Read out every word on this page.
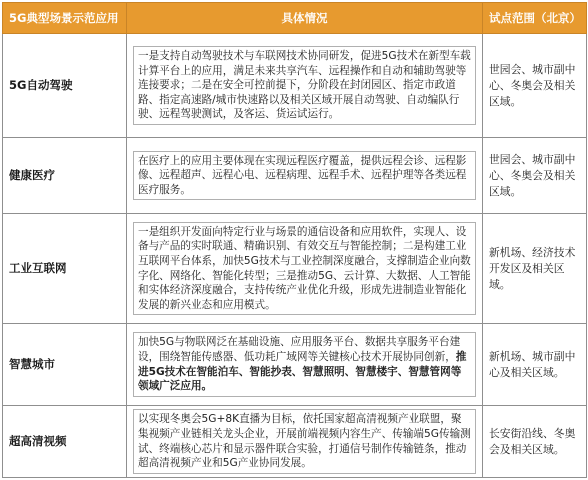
5G典型场景示范应用	具体情况	试点范围（北京）
5G自动驾驶	一是支持自动驾驶技术与车联网技术协同研发，促进5G技术在新型车载计算平台上的应用，满足未来共享汽车、远程操作和自动和辅助驾驶等连接要求；二是在安全可控前提下，分阶段在封闭园区、指定市政道路、指定高速路/城市快速路以及相关区域开展自动驾驶、自动编队行驶、远程驾驶测试，及客运、货运试运行。	世园会、城市副中心、冬奥会及相关区域。
健康医疗	在医疗上的应用主要体现在实现远程医疗覆盖，提供远程会诊、远程影像、远程超声、远程心电、远程病理、远程手术、远程护理等各类远程医疗服务。	世园会、城市副中心、冬奥会及相关区域。
工业互联网	一是组织开发面向特定行业与场景的通信设备和应用软件，实现人、设备与产品的实时联通、精确识别、有效交互与智能控制；二是构建工业互联网平台体系，加快5G技术与工业控制深度融合，支撑制造企业向数字化、网络化、智能化转型；三是推动5G、云计算、大数据、人工智能和实体经济深度融合，支持传统产业优化升级，形成先进制造业智能化发展的新兴业态和应用模式。	新机场、经济技术开发区及相关区域。
智慧城市	加快5G与物联网泛在基础设施、应用服务平台、数据共享服务平台建设，围绕智能传感器、低功耗广域网等关键核心技术开展协同创新，推进5G技术在智能泊车、智能抄表、智慧照明、智慧楼宇、智慧管网等领域广泛应用。	新机场、城市副中心及相关区域。
超高清视频	以实现冬奥会5G+8K直播为目标，依托国家超高清视频产业联盟，聚集视频产业链相关龙头企业，开展前端视频内容生产、传输端5G传输测试、终端核心芯片和显示器件联合实验，打通信号制作传输链条，推动超高清视频产业和5G产业协同发展。	长安街沿线、冬奥会及相关区域。
